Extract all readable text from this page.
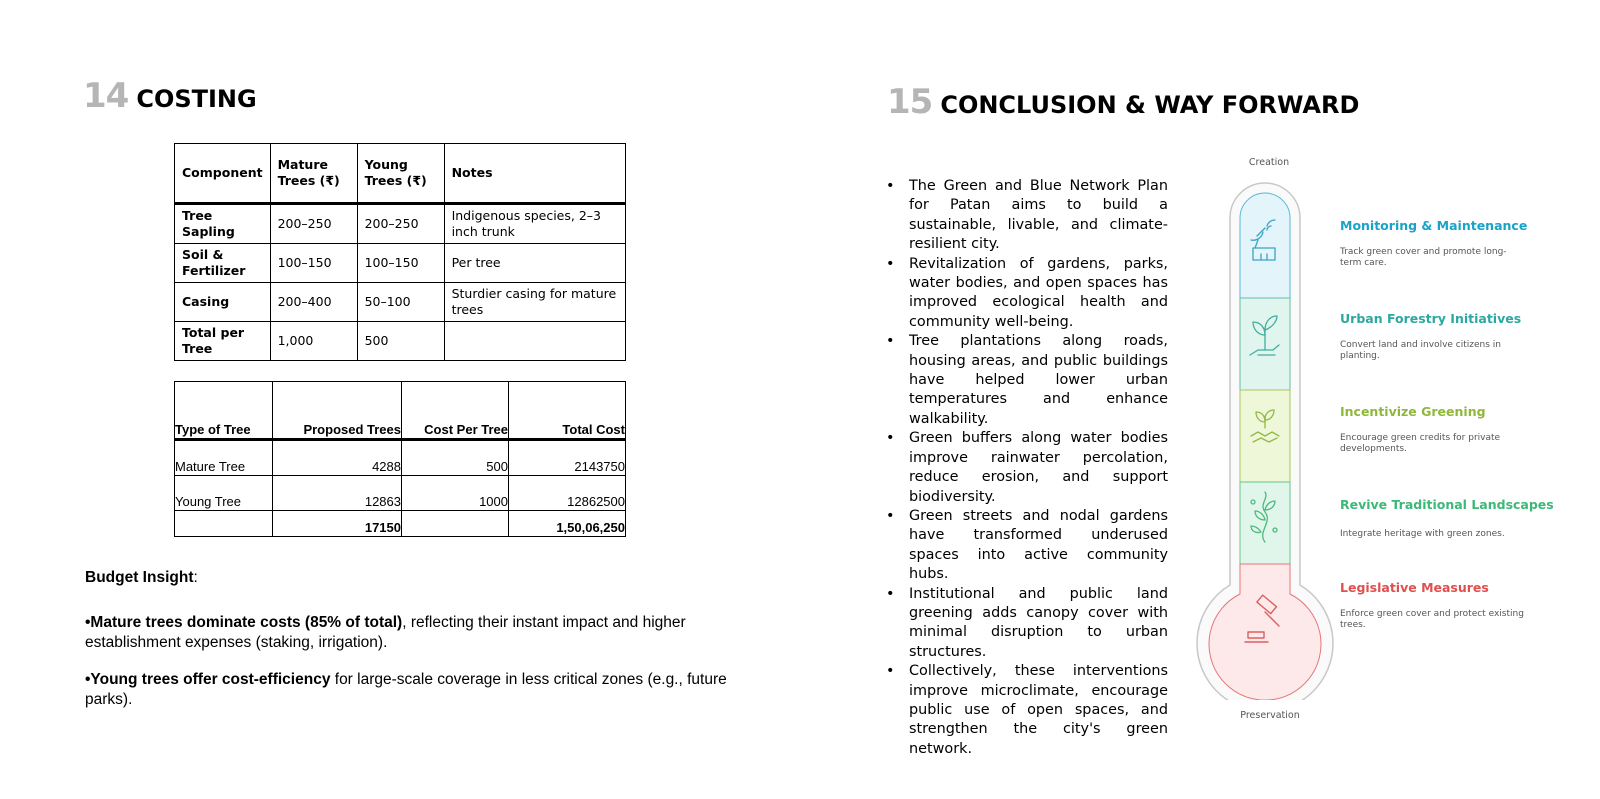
14 COSTING
Component	Mature Trees (₹)	Young Trees (₹)	Notes
Tree Sapling	200–250	200–250	Indigenous species, 2–3 inch trunk
Soil & Fertilizer	100–150	100–150	Per tree
Casing	200–400	50–100	Sturdier casing for mature trees
Total per Tree	1,000	500	
Type of Tree	Proposed Trees	Cost Per Tree	Total Cost
Mature Tree	4288	500	2143750
Young Tree	12863	1000	12862500
	17150		1,50,06,250
Budget Insight:
•Mature trees dominate costs (85% of total), reflecting their instant impact and higher establishment expenses (staking, irrigation).
•Young trees offer cost-efficiency for large-scale coverage in less critical zones (e.g., future parks).
15 CONCLUSION & WAY FORWARD
• The Green and Blue Network Plan for Patan aims to build a sustainable, livable, and climate-resilient city.
• Revitalization of gardens, parks, water bodies, and open spaces has improved ecological health and community well-being.
• Tree plantations along roads, housing areas, and public buildings have helped lower urban temperatures and enhance walkability.
• Green buffers along water bodies improve rainwater percolation, reduce erosion, and support biodiversity.
• Green streets and nodal gardens have transformed underused spaces into active community hubs.
• Institutional and public land greening adds canopy cover with minimal disruption to urban structures.
• Collectively, these interventions improve microclimate, encourage public use of open spaces, and strengthen the city's green network.
Creation
Preservation
Monitoring & Maintenance
Track green cover and promote long-term care.
Urban Forestry Initiatives
Convert land and involve citizens in planting.
Incentivize Greening
Encourage green credits for private developments.
Revive Traditional Landscapes
Integrate heritage with green zones.
Legislative Measures
Enforce green cover and protect existing trees.
